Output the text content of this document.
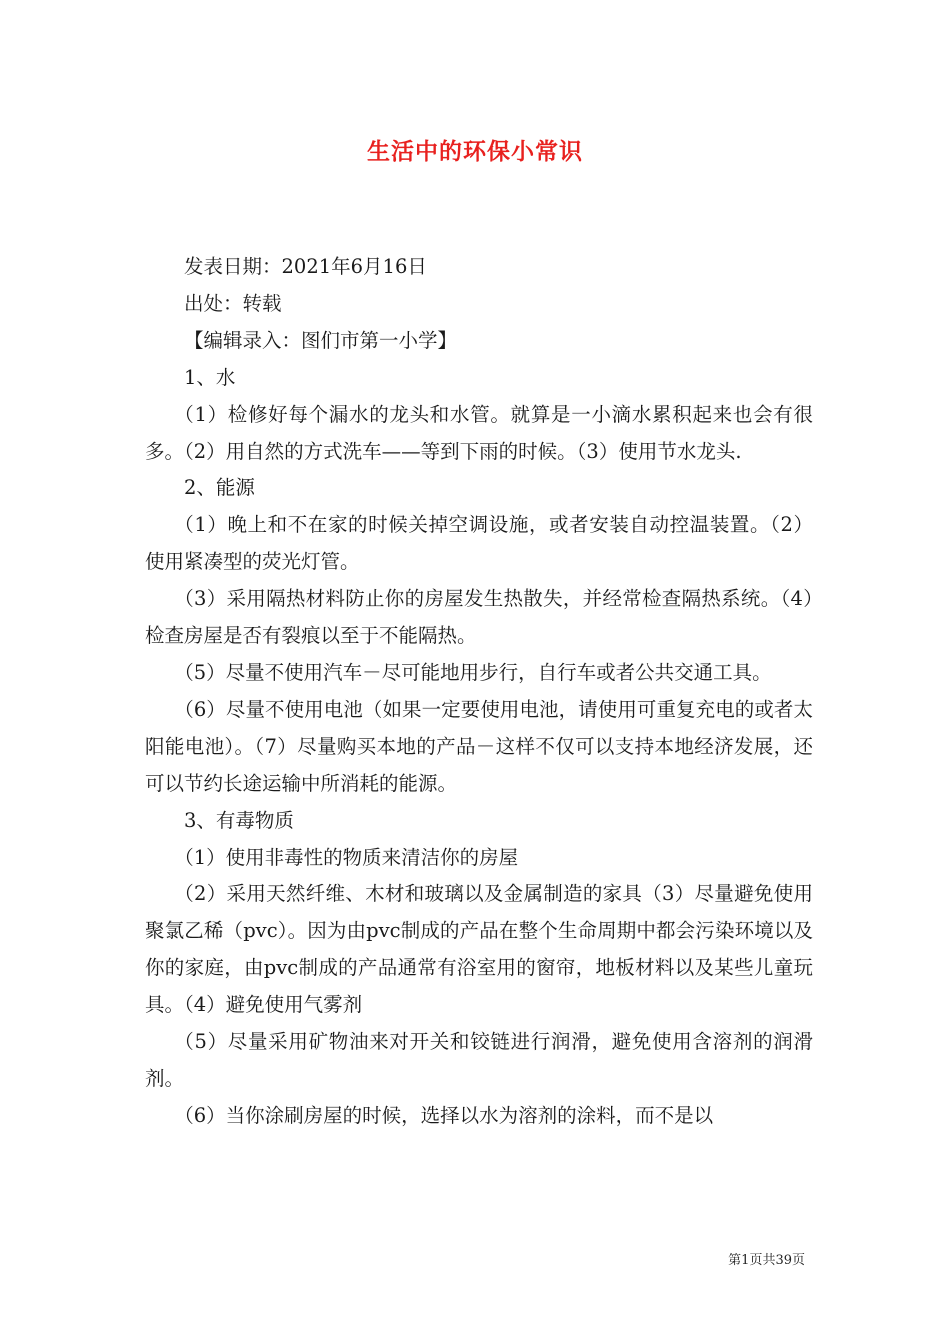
生活中的环保小常识

发表日期：2021年6月16日

出处：转载

【编辑录入：图们市第一小学】

1、水

（1）检修好每个漏水的龙头和水管。就算是一小滴水累积起来也会有很多。（2）用自然的方式洗车——等到下雨的时候。（3）使用节水龙头.

2、能源

（1）晚上和不在家的时候关掉空调设施，或者安装自动控温装置。（2）使用紧凑型的荧光灯管。

（3）采用隔热材料防止你的房屋发生热散失，并经常检查隔热系统。（4）检查房屋是否有裂痕以至于不能隔热。

（5）尽量不使用汽车－尽可能地用步行，自行车或者公共交通工具。

（6）尽量不使用电池（如果一定要使用电池，请使用可重复充电的或者太阳能电池）。（7）尽量购买本地的产品－这样不仅可以支持本地经济发展，还可以节约长途运输中所消耗的能源。

3、有毒物质

（1）使用非毒性的物质来清洁你的房屋

（2）采用天然纤维、木材和玻璃以及金属制造的家具（3）尽量避免使用聚氯乙稀（pvc）。因为由pvc制成的产品在整个生命周期中都会污染环境以及你的家庭，由pvc制成的产品通常有浴室用的窗帘，地板材料以及某些儿童玩具。（4）避免使用气雾剂

（5）尽量采用矿物油来对开关和铰链进行润滑，避免使用含溶剂的润滑剂。

（6）当你涂刷房屋的时候，选择以水为溶剂的涂料，而不是以

第1页共39页
